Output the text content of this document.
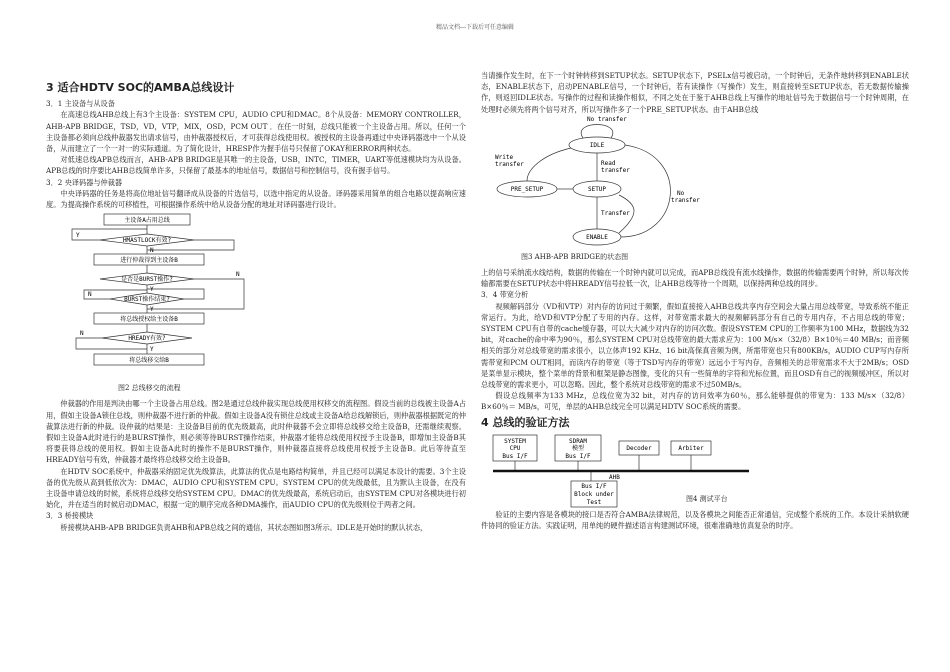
精品文档---下载后可任意编辑
3 适合HDTV SOC的AMBA总线设计
3．1 主设备与从设备

在高速总线AHB总线上有3个主设备：SYSTEM CPU，AUDIO CPU和DMAC。8个从设备：MEMORY CONTROLLER，AHB-APB BRIDGE，TSD，VD，VTP，MIX，OSD，PCM OUT ．在任一时刻，总线只能被一个主设备占用。所以，任何一个主设备都必须向总线仲裁器发出请求信号，由仲裁器授权后，才可获得总线使用权。被授权的主设备再通过中央译码器选中一个从设备，从而建立了一个一对一的实际通道。为了简化设计，HRESP作为握手信号只保留了OKAY和ERROR两种状态。

对低速总线APB总线而言，AHB-APB BRIDGE是其唯一的主设备，USB，INTC，TIMER，UART等低速模块均为从设备。APB总线的时序要比AHB总线简单许多，只保留了最基本的地址信号，数据信号和控制信号，没有握手信号。

3．2 央译码器与仲裁器

中央译码器的任务是将高位地址信号翻译成从设备的片选信号，以选中指定的从设备。译码器采用简单的组合电路以提高响应速度。为提高操作系统的可移植性，可根据操作系统中给从设备分配的地址对译码器进行设计。

主设备A占用总线
HMASTLOCK有效?
进行仲裁得到主设备B
是否是BURST操作?
BURST操作结束?
将总线授权给主设备B
HREADY有效?
将总线移交给B
Y
N
N
Y
N
Y
N
Y
图2 总线移交的流程

仲裁器的作用是判决由哪一个主设备占用总线。图2是通过总线仲裁实现总线使用权移交的流程图。假设当前的总线被主设备A占用，假如主设备A锁住总线，则仲裁器不进行新的仲裁。假如主设备A没有锁住总线或主设备A给总线解锁后，则仲裁器根据既定的仲裁算法进行新的仲裁。设仲裁的结果是：主设备B目前的优先级最高，此时仲裁器不会立即将总线移交给主设备B，还需继续观察。假如主设备A此时进行的是BURST操作，则必须等待BURST操作结束，仲裁器才能将总线使用权授予主设备B，即增加主设备B其将要获得总线的使用权。假如主设备A此时的操作不是BURST操作，则仲裁器直接将总线使用权授予主设备B。此后等待直至HREADY信号有效，仲裁器才最终将总线移交给主设备B。

在HDTV SOC系统中，仲裁器采纳固定优先级算法，此算法的优点是电路结构简单，并且已经可以满足本设计的需要。3个主设备的优先级从高到低依次为：DMAC，AUDIO CPU和SYSTEM CPU。SYSTEM CPU的优先级最低，且为默认主设备，在没有主设备申请总线的时候，系统将总线移交给SYSTEM CPU。DMAC的优先级最高，系统启动后，由SYSTEM CPU对各模块进行初始化，并在适当的时候启动DMAC，根据一定的顺序完成各种DMA操作，而AUDIO CPU的优先级则位于两者之间。

3．3 桥接模块

桥接模块AHB-APB BRIDGE负责AHB和APB总线之间的通信，其状态图如图3所示。IDLE是开始时的默认状态，

当请操作发生时，在下一个时钟转移到SETUP状态。SETUP状态下，PSELx信号被启动，一个时钟后，无条件地转移到ENABLE状态，ENABLE状态下，启动PENABLE信号，一个时钟后，若有读操作（写操作）发生，则直接转至SETUP状态，若无数据传输操作，则返回IDLE状态。写操作的过程和读操作相似，不同之处在于鉴于AHB总线上写操作的地址信号先于数据信号一个时钟周期，在处理时必须先将两个信号对齐，所以写操作多了一个PRE_SETUP状态。由于AHB总线

IDLE
PRE_SETUP	SETUP
ENABLE
No transfer
Write
transfer	Read
transfer
Transfer
No
transfer
图3 AHB-APB BRIDGE的状态图

上的信号采纳流水线结构，数据的传输在一个时钟内就可以完成，而APB总线没有流水线操作，数据的传输需要两个时钟，所以每次传输都需要在SETUP状态中将HREADY信号拉低一次，让AHB总线等待一个周期，以保持两种总线的同步。

3．4 带宽分析

视频解码部分（VD和VTP）对内存的访问过于频繁，假如直接接入AHB总线共享内存空间会大量占用总线带宽，导致系统不能正常运行。为此，给VD和VTP分配了专用的内存。这样，对带宽需求最大的视频解码部分有自己的专用内存，不占用总线的带宽；SYSTEM CPU有自带的cache缓存器，可以大大减少对内存的访问次数。假设SYSTEM CPU的工作频率为100 MHz，数据线为32 bit，对cache的命中率为90％，那么SYSTEM CPU对总线带宽的最大需求应为：100 M/s×（32/8）B×10％＝40 MB/s；而音频相关的部分对总线带宽的需求很小，以立体声192 KHz、16 bit高保真音频为例，所需带宽也只有800KB/s，AUDIO CUP写内存所需带宽和PCM OUT相同，而读内存的带宽（等于TSD写内存的带宽）远远小于写内存，音频相关的总带宽需求不大于2MB/s；OSD是菜单显示模块，整个菜单的背景和框架是静态图像，变化的只有一些简单的字符和光标位置，而且OSD有自己的视频缓冲区，所以对总线带宽的需求更小，可以忽略。因此，整个系统对总线带宽的需求不过50MB/s。

假设总线频率为133 MHz，总线位宽为32 bit，对内存的访问效率为60％，那么能够提供的带宽为：133 M/s×（32/8）B×60％＝ MB/s，可见，单层的AHB总线完全可以满足HDTV SOC系统的需要。

4 总线的验证方法
SYSTEM
CPU
Bus I/F
SDRAM
模型
Bus I/F
Decoder	Arbiter
AHB
Bus I/F
Block under
Test	图4 测试平台

验证的主要内容是各模块的接口是否符合AMBA法律规范，以及各模块之间能否正常通信，完成整个系统的工作。本设计采纳软硬件协同的验证方法。实践证明，用单纯的硬件描述语言构建测试环境，很难准确地仿真复杂的时序。
